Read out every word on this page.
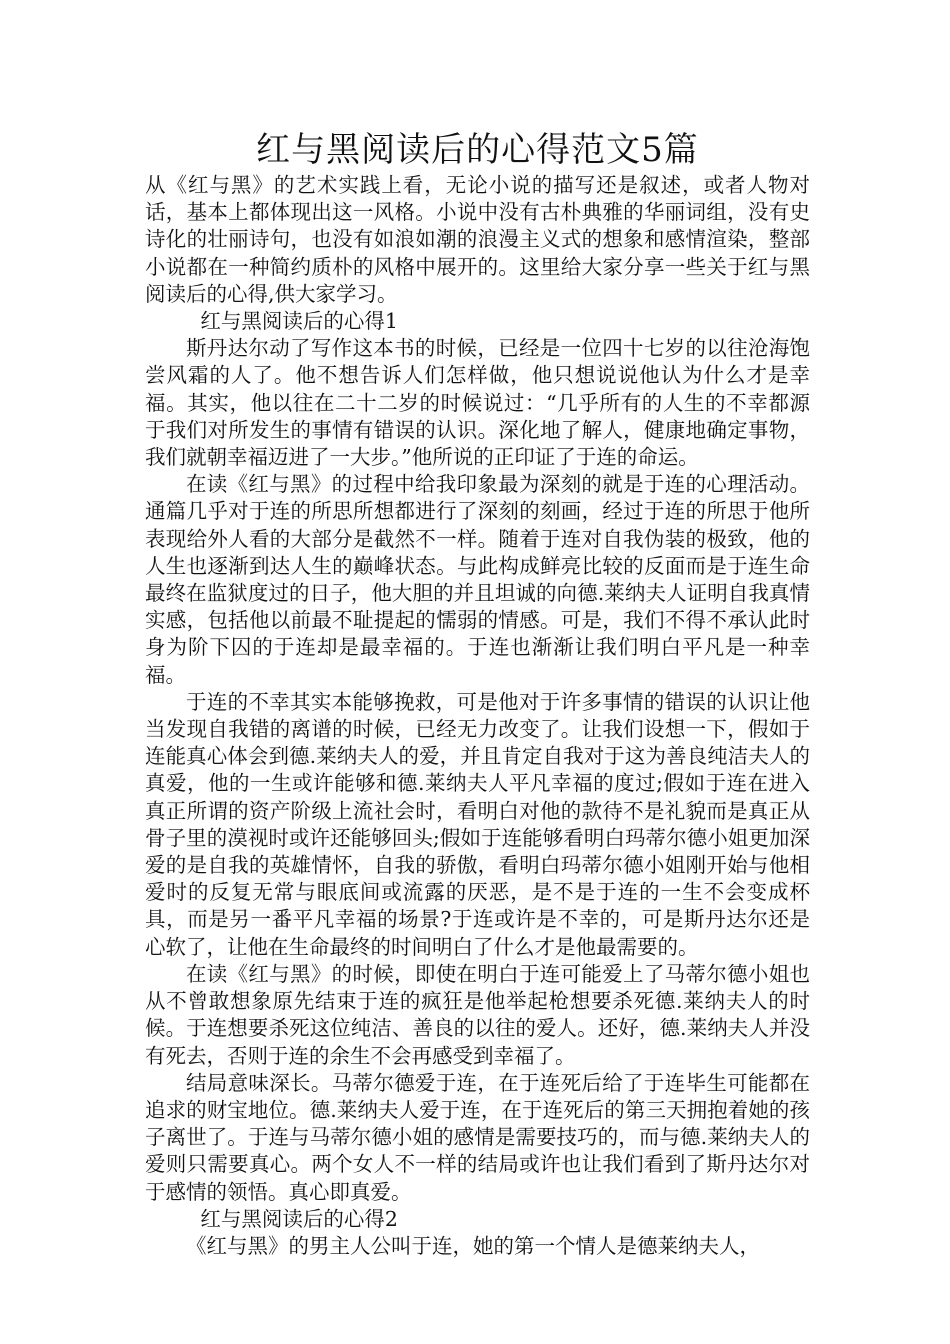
红与黑阅读后的心得范文5篇

从《红与黑》的艺术实践上看，无论小说的描写还是叙述，或者人物对话，基本上都体现出这一风格。小说中没有古朴典雅的华丽词组，没有史诗化的壮丽诗句，也没有如浪如潮的浪漫主义式的想象和感情渲染，整部小说都在一种简约质朴的风格中展开的。这里给大家分享一些关于红与黑阅读后的心得,供大家学习。

红与黑阅读后的心得1

斯丹达尔动了写作这本书的时候，已经是一位四十七岁的以往沧海饱尝风霜的人了。他不想告诉人们怎样做，他只想说说他认为什么才是幸福。其实，他以往在二十二岁的时候说过：“几乎所有的人生的不幸都源于我们对所发生的事情有错误的认识。深化地了解人，健康地确定事物，我们就朝幸福迈进了一大步。”他所说的正印证了于连的命运。

在读《红与黑》的过程中给我印象最为深刻的就是于连的心理活动。通篇几乎对于连的所思所想都进行了深刻的刻画，经过于连的所思于他所表现给外人看的大部分是截然不一样。随着于连对自我伪装的极致，他的人生也逐渐到达人生的巅峰状态。与此构成鲜亮比较的反面而是于连生命最终在监狱度过的日子，他大胆的并且坦诚的向德.莱纳夫人证明自我真情实感，包括他以前最不耻提起的懦弱的情感。可是，我们不得不承认此时身为阶下囚的于连却是最幸福的。于连也渐渐让我们明白平凡是一种幸福。

于连的不幸其实本能够挽救，可是他对于许多事情的错误的认识让他当发现自我错的离谱的时候，已经无力改变了。让我们设想一下，假如于连能真心体会到德.莱纳夫人的爱，并且肯定自我对于这为善良纯洁夫人的真爱，他的一生或许能够和德.莱纳夫人平凡幸福的度过;假如于连在进入真正所谓的资产阶级上流社会时，看明白对他的款待不是礼貌而是真正从骨子里的漠视时或许还能够回头;假如于连能够看明白玛蒂尔德小姐更加深爱的是自我的英雄情怀，自我的骄傲，看明白玛蒂尔德小姐刚开始与他相爱时的反复无常与眼底间或流露的厌恶，是不是于连的一生不会变成杯具，而是另一番平凡幸福的场景?于连或许是不幸的，可是斯丹达尔还是心软了，让他在生命最终的时间明白了什么才是他最需要的。

在读《红与黑》的时候，即使在明白于连可能爱上了马蒂尔德小姐也从不曾敢想象原先结束于连的疯狂是他举起枪想要杀死德.莱纳夫人的时候。于连想要杀死这位纯洁、善良的以往的爱人。还好，德.莱纳夫人并没有死去，否则于连的余生不会再感受到幸福了。

结局意味深长。马蒂尔德爱于连，在于连死后给了于连毕生可能都在追求的财宝地位。德.莱纳夫人爱于连，在于连死后的第三天拥抱着她的孩子离世了。于连与马蒂尔德小姐的感情是需要技巧的，而与德.莱纳夫人的爱则只需要真心。两个女人不一样的结局或许也让我们看到了斯丹达尔对于感情的领悟。真心即真爱。

红与黑阅读后的心得2

《红与黑》的男主人公叫于连，她的第一个情人是德莱纳夫人，
